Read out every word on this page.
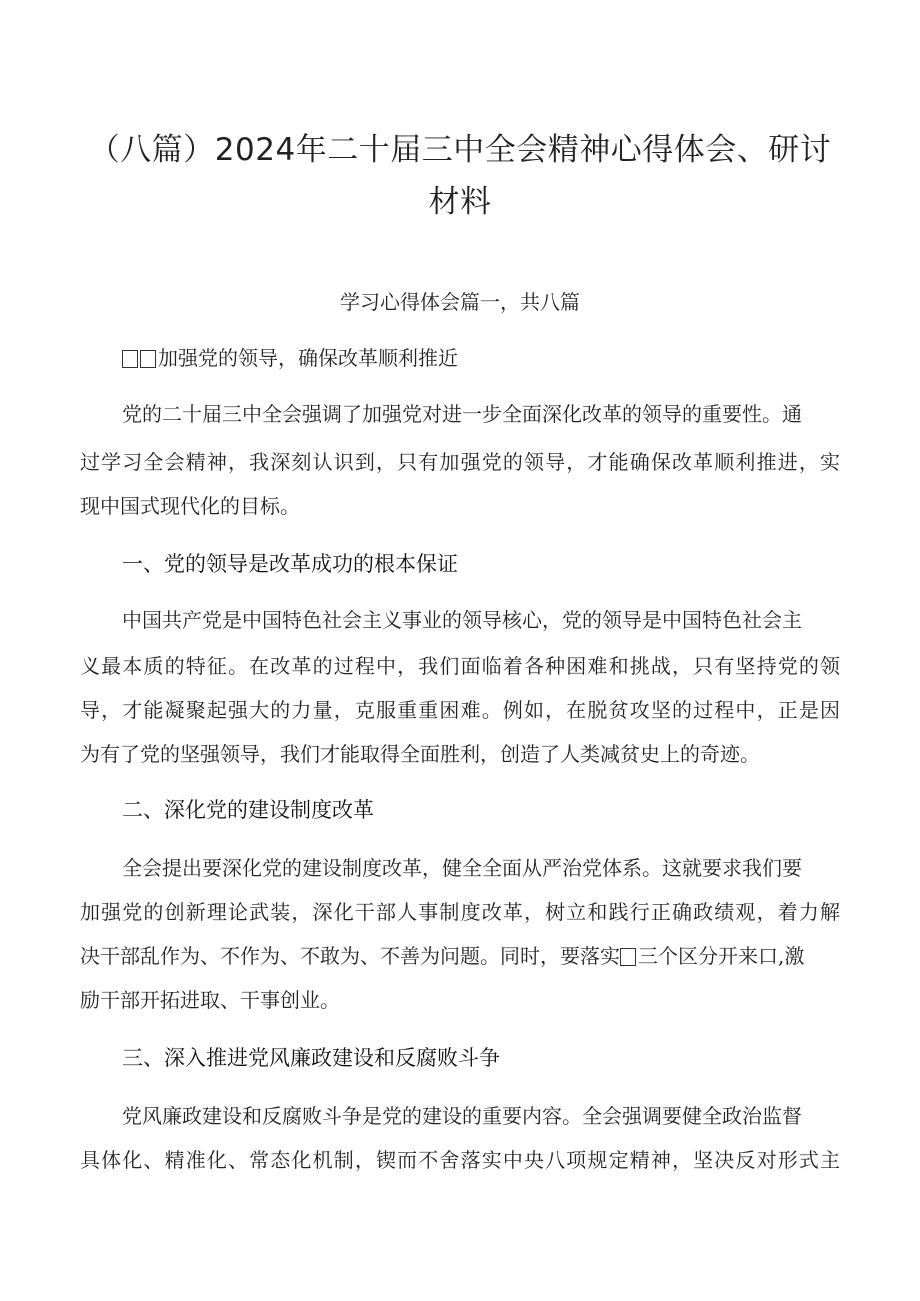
（八篇）2024年二十届三中全会精神心得体会、研讨
材料
学习心得体会篇一，共八篇
加强党的领导，确保改革顺利推近
党的二十届三中全会强调了加强党对进一步全面深化改革的领导的重要性。通
过学习全会精神，我深刻认识到，只有加强党的领导，才能确保改革顺利推进，实
现中国式现代化的目标。
一、党的领导是改革成功的根本保证
中国共产党是中国特色社会主义事业的领导核心，党的领导是中国特色社会主
义最本质的特征。在改革的过程中，我们面临着各种困难和挑战，只有坚持党的领
导，才能凝聚起强大的力量，克服重重困难。例如，在脱贫攻坚的过程中，正是因
为有了党的坚强领导，我们才能取得全面胜利，创造了人类减贫史上的奇迹。
二、深化党的建设制度改革
全会提出要深化党的建设制度改革，健全全面从严治党体系。这就要求我们要
加强党的创新理论武装，深化干部人事制度改革，树立和践行正确政绩观，着力解
决干部乱作为、不作为、不敢为、不善为问题。同时，要落实 三个区分开来口,激
励干部开拓进取、干事创业。
三、深入推进党风廉政建设和反腐败斗争
党风廉政建设和反腐败斗争是党的建设的重要内容。全会强调要健全政治监督
具体化、精准化、常态化机制，锲而不舍落实中央八项规定精神，坚决反对形式主
